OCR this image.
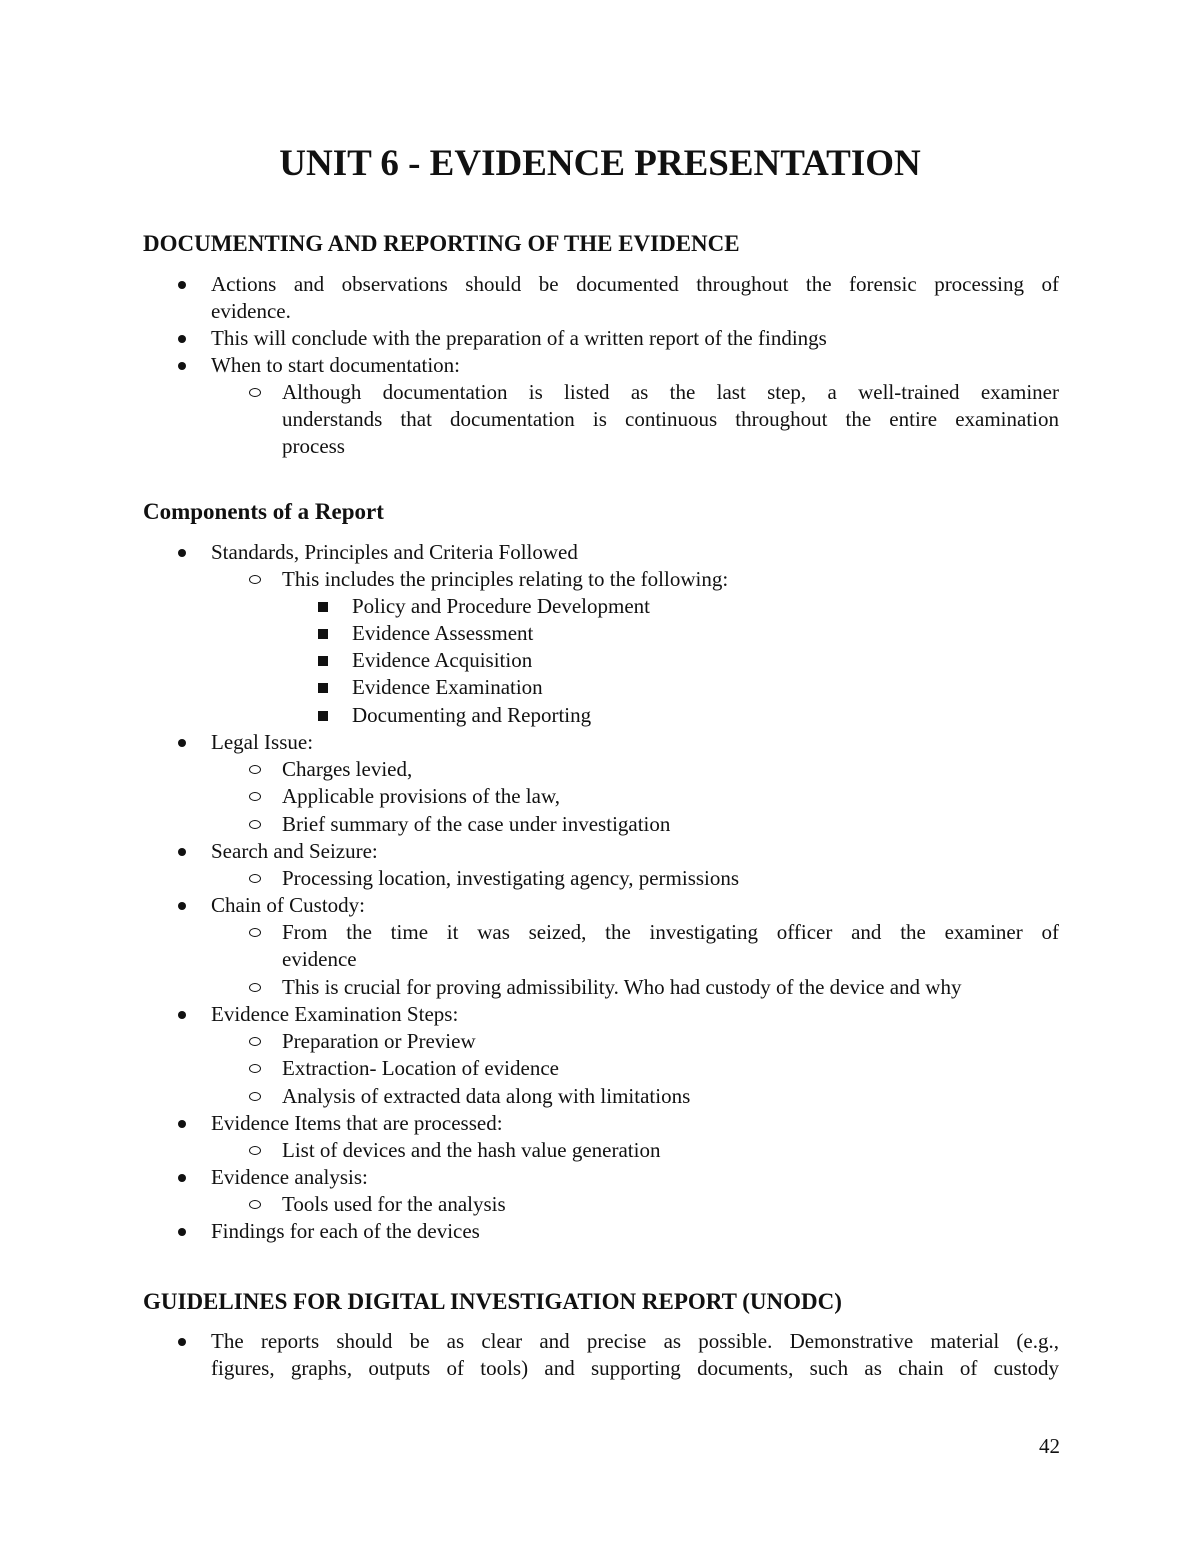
UNIT 6 - EVIDENCE PRESENTATION
DOCUMENTING AND REPORTING OF THE EVIDENCE
Actions and observations should be documented throughout the forensic processing of
evidence.
This will conclude with the preparation of a written report of the findings
When to start documentation:
Although documentation is listed as the last step, a well-trained examiner
understands that documentation is continuous throughout the entire examination
process
Components of a Report
Standards, Principles and Criteria Followed
This includes the principles relating to the following:
Policy and Procedure Development
Evidence Assessment
Evidence Acquisition
Evidence Examination
Documenting and Reporting
Legal Issue:
Charges levied,
Applicable provisions of the law,
Brief summary of the case under investigation
Search and Seizure:
Processing location, investigating agency, permissions
Chain of Custody:
From the time it was seized, the investigating officer and the examiner of
evidence
This is crucial for proving admissibility. Who had custody of the device and why
Evidence Examination Steps:
Preparation or Preview
Extraction- Location of evidence
Analysis of extracted data along with limitations
Evidence Items that are processed:
List of devices and the hash value generation
Evidence analysis:
Tools used for the analysis
Findings for each of the devices
GUIDELINES FOR DIGITAL INVESTIGATION REPORT (UNODC)
The reports should be as clear and precise as possible. Demonstrative material (e.g.,
figures, graphs, outputs of tools) and supporting documents, such as chain of custody
42
